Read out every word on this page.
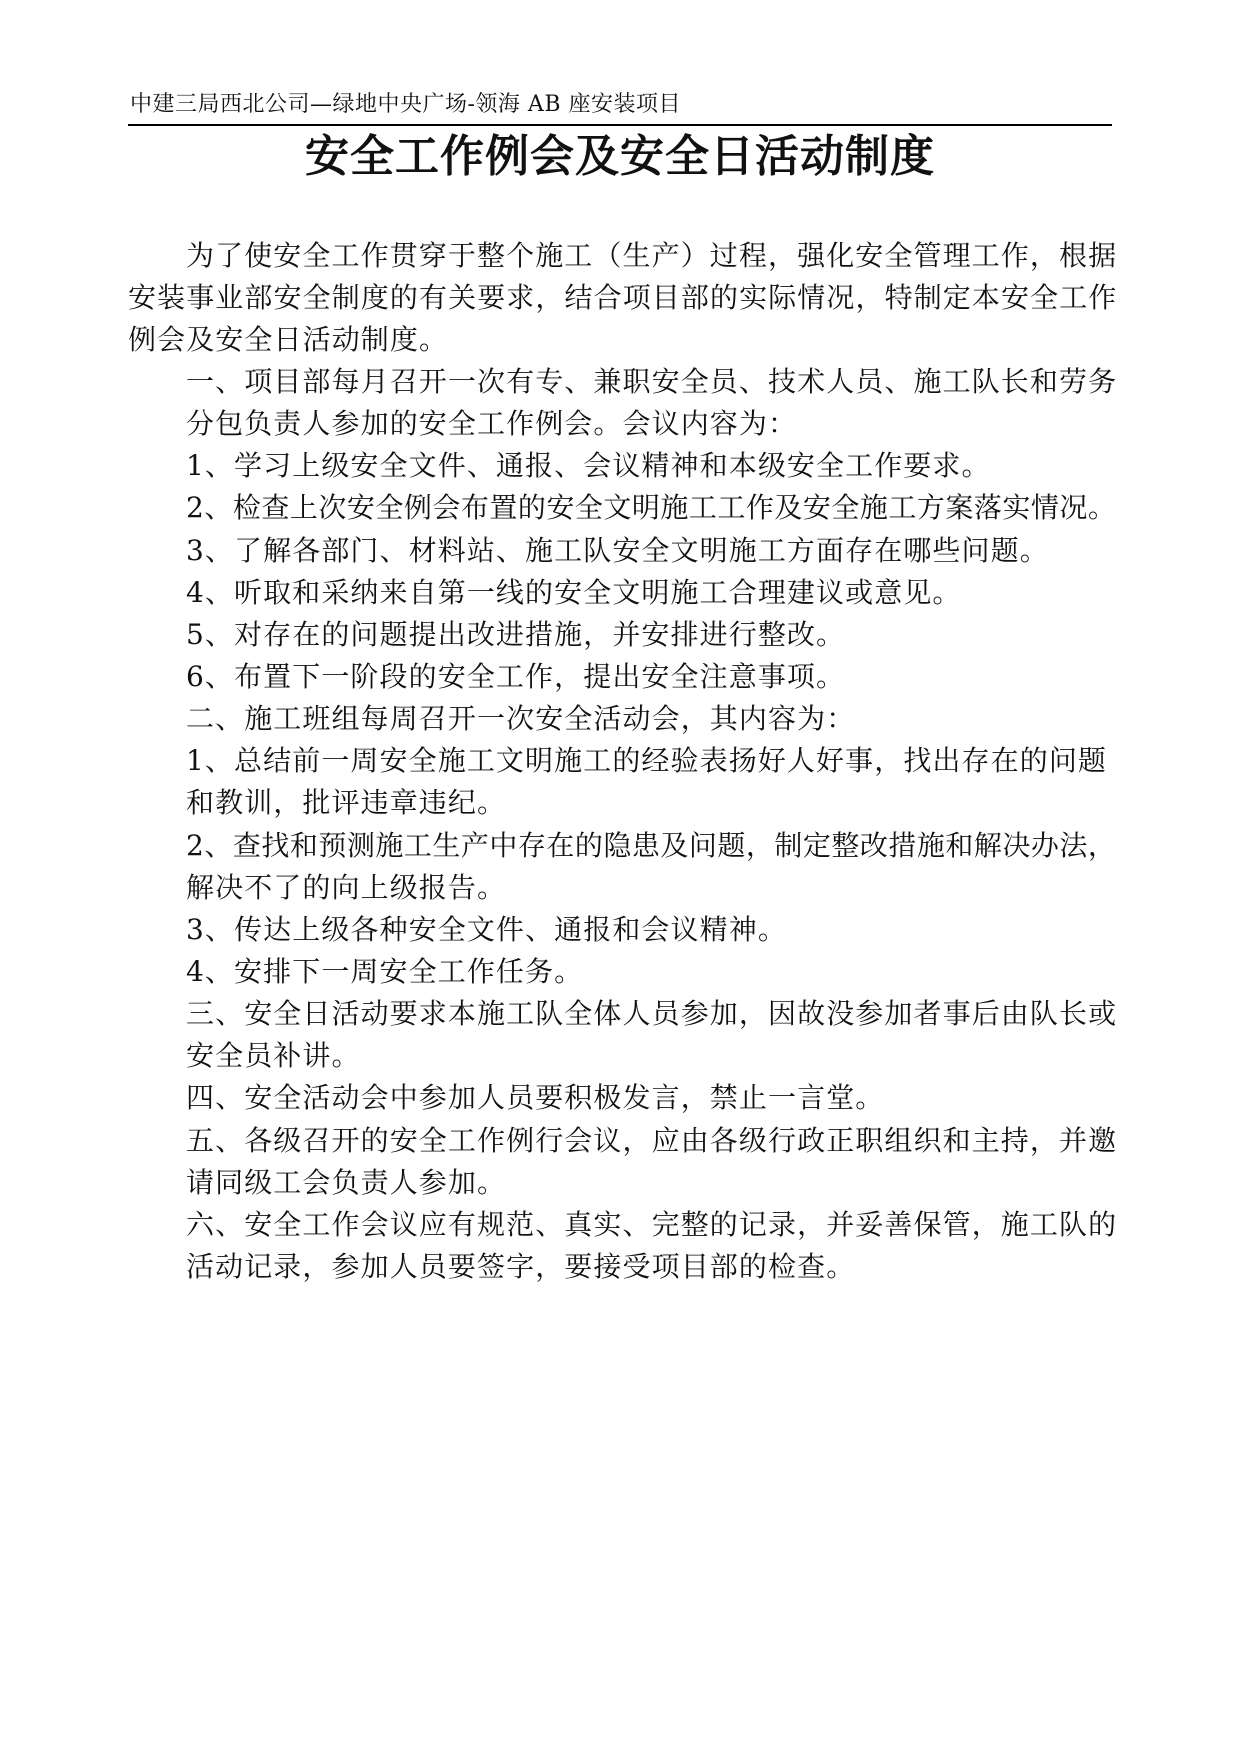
中建三局西北公司—绿地中央广场-领海 AB 座安装项目
安全工作例会及安全日活动制度
为了使安全工作贯穿于整个施工（生产）过程，强化安全管理工作，根据
安装事业部安全制度的有关要求，结合项目部的实际情况，特制定本安全工作
例会及安全日活动制度。
一、项目部每月召开一次有专、兼职安全员、技术人员、施工队长和劳务
分包负责人参加的安全工作例会。会议内容为：
1、学习上级安全文件、通报、会议精神和本级安全工作要求。
2、检查上次安全例会布置的安全文明施工工作及安全施工方案落实情况。
3、了解各部门、材料站、施工队安全文明施工方面存在哪些问题。
4、听取和采纳来自第一线的安全文明施工合理建议或意见。
5、对存在的问题提出改进措施，并安排进行整改。
6、布置下一阶段的安全工作，提出安全注意事项。
二、施工班组每周召开一次安全活动会，其内容为：
1、总结前一周安全施工文明施工的经验表扬好人好事，找出存在的问题
和教训，批评违章违纪。
2、查找和预测施工生产中存在的隐患及问题，制定整改措施和解决办法，
解决不了的向上级报告。
3、传达上级各种安全文件、通报和会议精神。
4、安排下一周安全工作任务。
三、安全日活动要求本施工队全体人员参加，因故没参加者事后由队长或
安全员补讲。
四、安全活动会中参加人员要积极发言，禁止一言堂。
五、各级召开的安全工作例行会议，应由各级行政正职组织和主持，并邀
请同级工会负责人参加。
六、安全工作会议应有规范、真实、完整的记录，并妥善保管，施工队的
活动记录，参加人员要签字，要接受项目部的检查。
